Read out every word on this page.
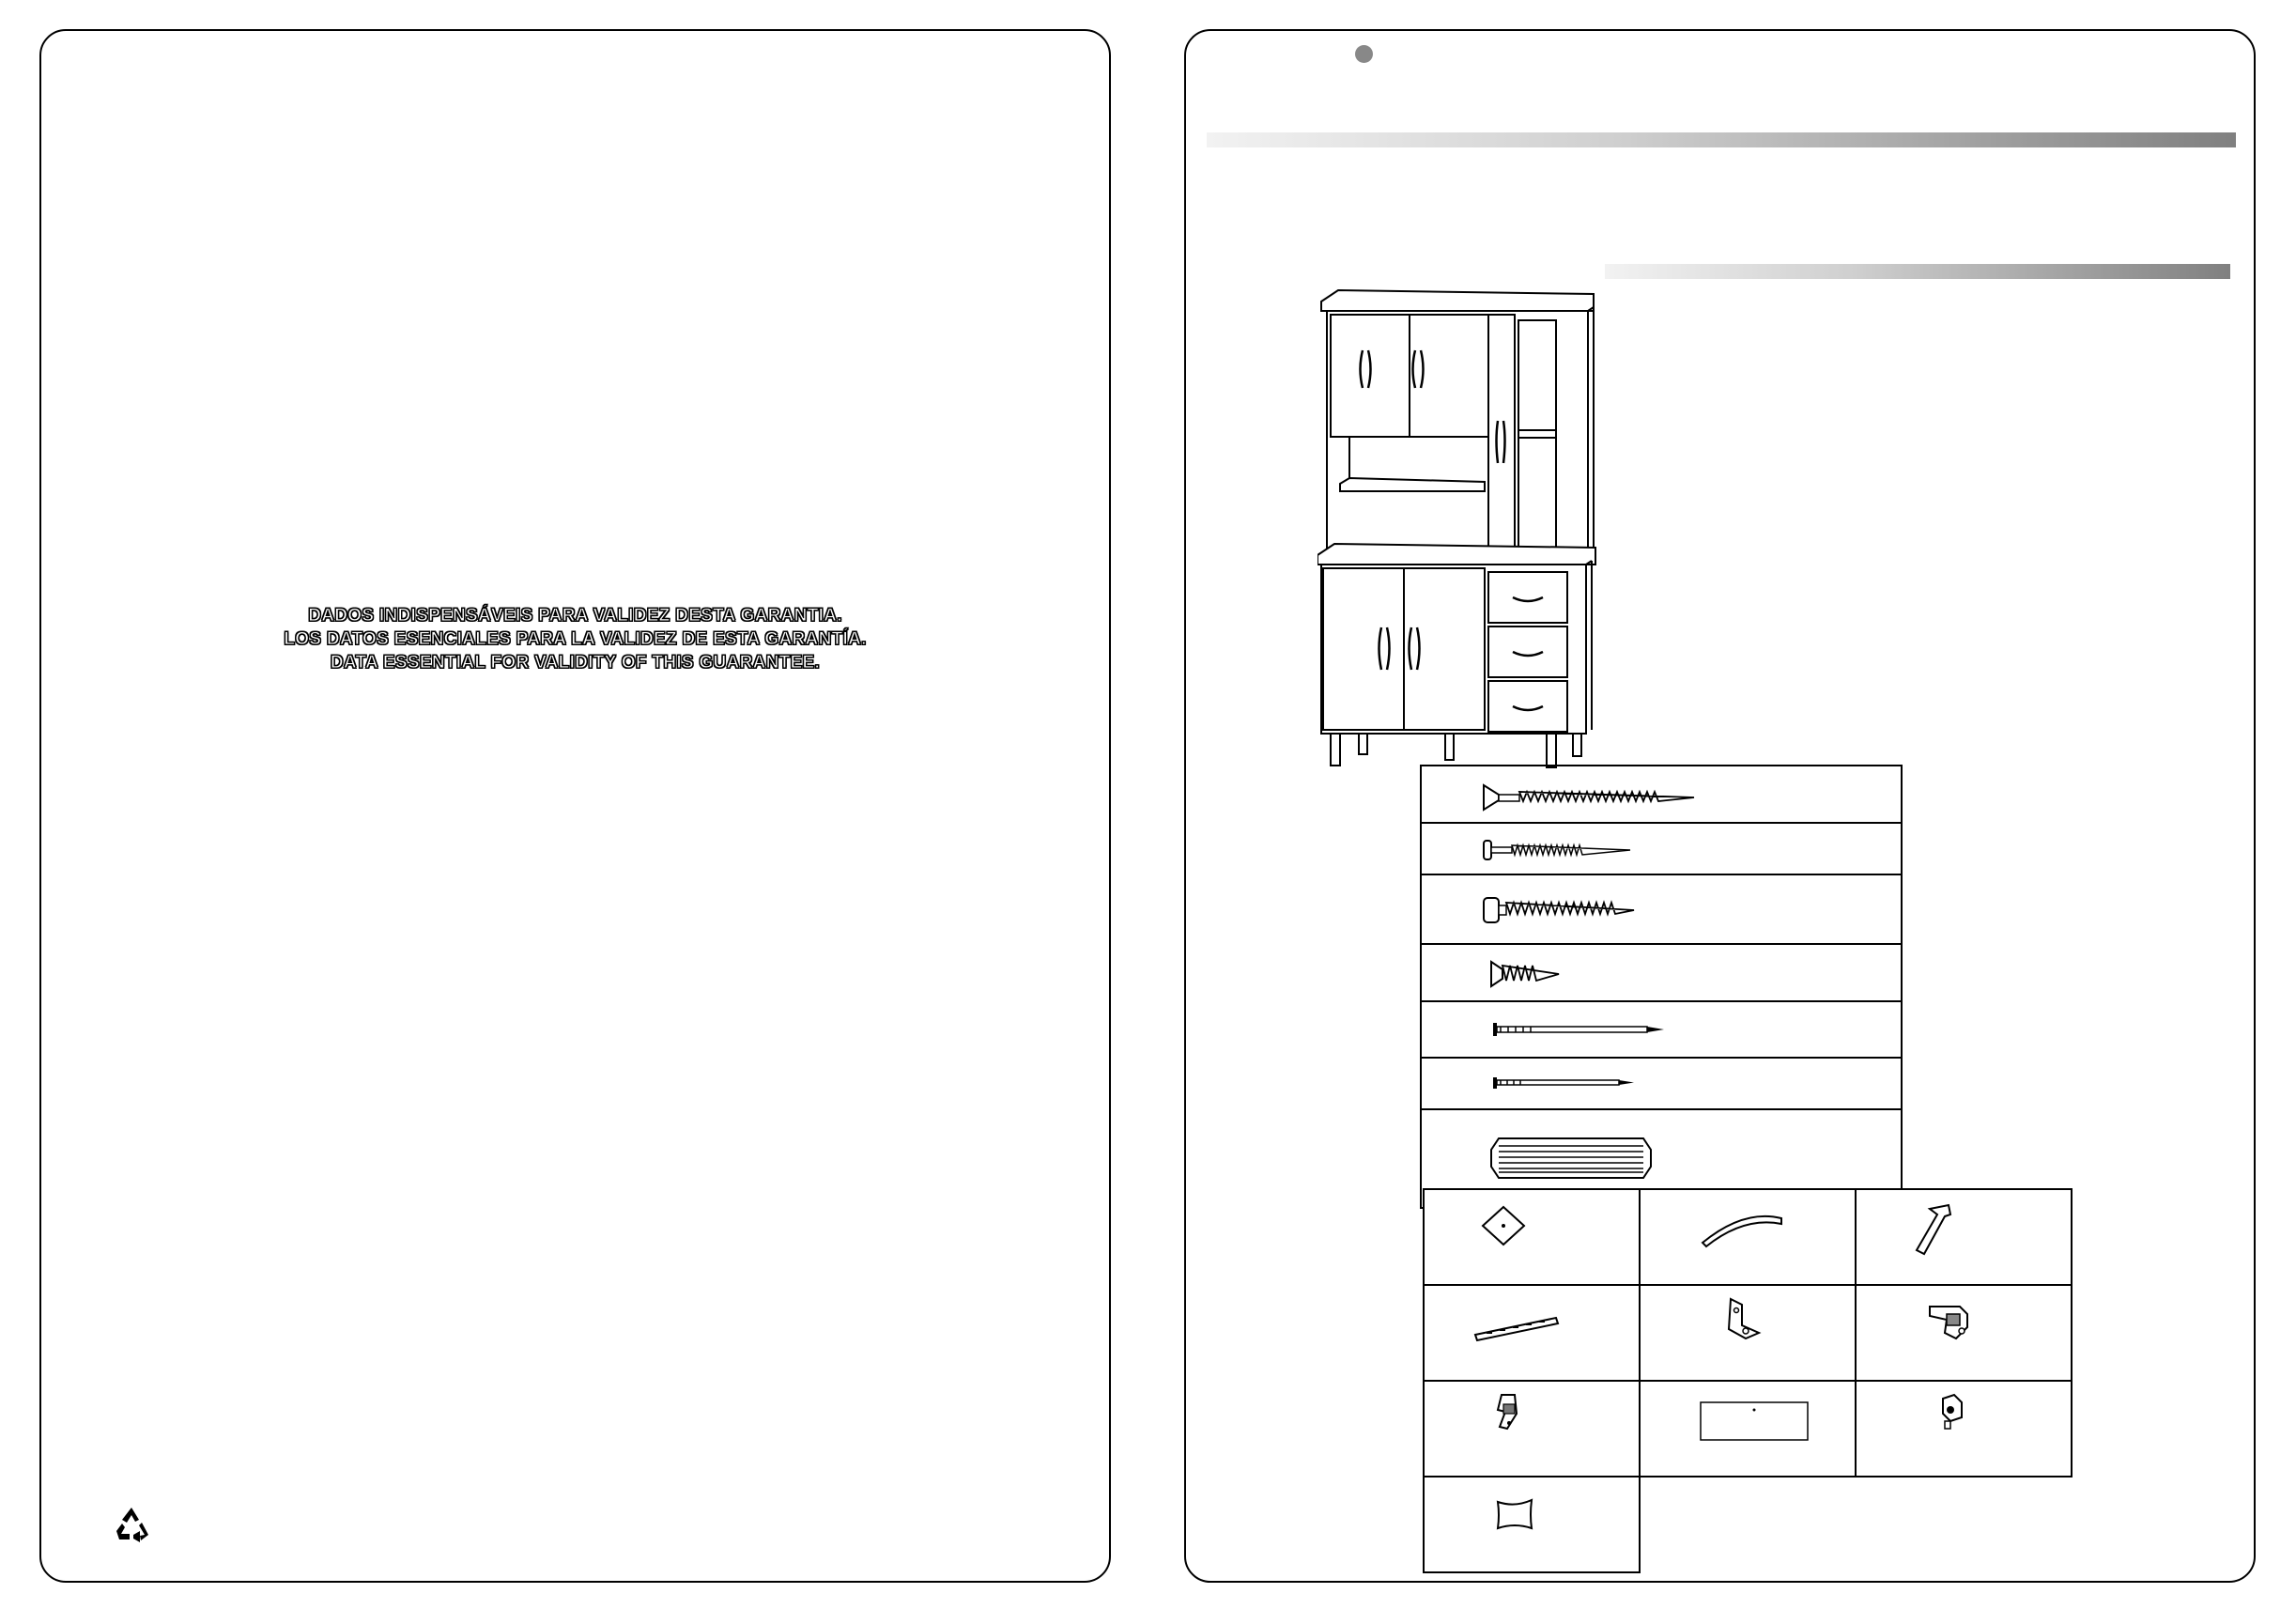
DADOS INDISPENSÁVEIS PARA VALIDEZ DESTA GARANTIA.
LOS DATOS ESENCIALES PARA LA VALIDEZ DE ESTA GARANTÍA.
DATA ESSENTIAL FOR VALIDITY OF THIS GUARANTEE.
